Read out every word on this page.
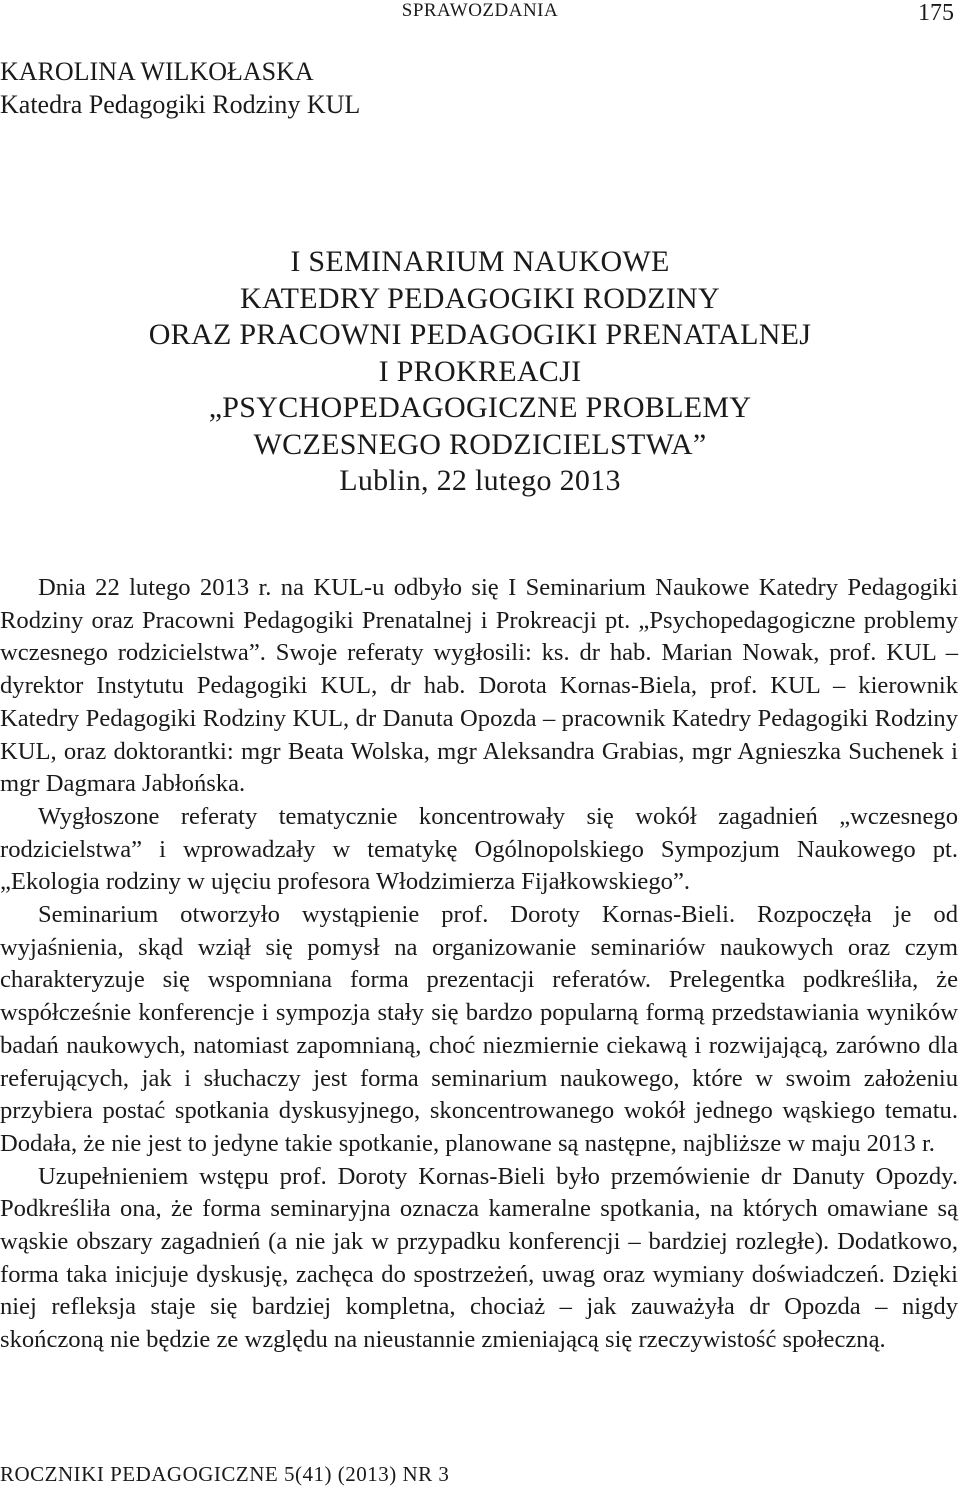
SPRAWOZDANIA	175
KAROLINA WILKOŁASKA
Katedra Pedagogiki Rodziny KUL
I SEMINARIUM NAUKOWE
KATEDRY PEDAGOGIKI RODZINY
ORAZ PRACOWNI PEDAGOGIKI PRENATALNEJ
I PROKREACJI
„PSYCHOPEDAGOGICZNE PROBLEMY
WCZESNEGO RODZICIELSTWA”
Lublin, 22 lutego 2013

Dnia 22 lutego 2013 r. na KUL-u odbyło się I Seminarium Naukowe Katedry Pedagogiki Rodziny oraz Pracowni Pedagogiki Prenatalnej i Prokreacji pt. „Psychopedagogiczne problemy wczesnego rodzicielstwa”. Swoje referaty wygłosili: ks. dr hab. Marian Nowak, prof. KUL – dyrektor Instytutu Pedagogiki KUL, dr hab. Dorota Kornas-Biela, prof. KUL – kierownik Katedry Pedagogiki Rodziny KUL, dr Danuta Opozda – pracownik Katedry Pedagogiki Rodziny KUL, oraz doktorantki: mgr Beata Wolska, mgr Aleksandra Grabias, mgr Agnieszka Suchenek i mgr Dagmara Jabłońska.

Wygłoszone referaty tematycznie koncentrowały się wokół zagadnień „wczesnego rodzicielstwa” i wprowadzały w tematykę Ogólnopolskiego Sympozjum Naukowego pt. „Ekologia rodziny w ujęciu profesora Włodzimierza Fijałkowskiego”.

Seminarium otworzyło wystąpienie prof. Doroty Kornas-Bieli. Rozpoczęła je od wyjaśnienia, skąd wziął się pomysł na organizowanie seminariów naukowych oraz czym charakteryzuje się wspomniana forma prezentacji referatów. Prelegentka podkreśliła, że współcześnie konferencje i sympozja stały się bardzo popularną formą przedstawiania wyników badań naukowych, natomiast zapomnianą, choć niezmiernie ciekawą i rozwijającą, zarówno dla referujących, jak i słuchaczy jest forma seminarium naukowego, które w swoim założeniu przybiera postać spotkania dyskusyjnego, skoncentrowanego wokół jednego wąskiego tematu. Dodała, że nie jest to jedyne takie spotkanie, planowane są następne, najbliższe w maju 2013 r.

Uzupełnieniem wstępu prof. Doroty Kornas-Bieli było przemówienie dr Danuty Opozdy. Podkreśliła ona, że forma seminaryjna oznacza kameralne spotkania, na których omawiane są wąskie obszary zagadnień (a nie jak w przypadku konferencji – bardziej rozległe). Dodatkowo, forma taka inicjuje dyskusję, zachęca do spostrzeżeń, uwag oraz wymiany doświadczeń. Dzięki niej refleksja staje się bardziej kompletna, chociaż – jak zauważyła dr Opozda – nigdy skończoną nie będzie ze względu na nieustannie zmieniającą się rzeczywistość społeczną.

ROCZNIKI PEDAGOGICZNE 5(41) (2013) NR 3
